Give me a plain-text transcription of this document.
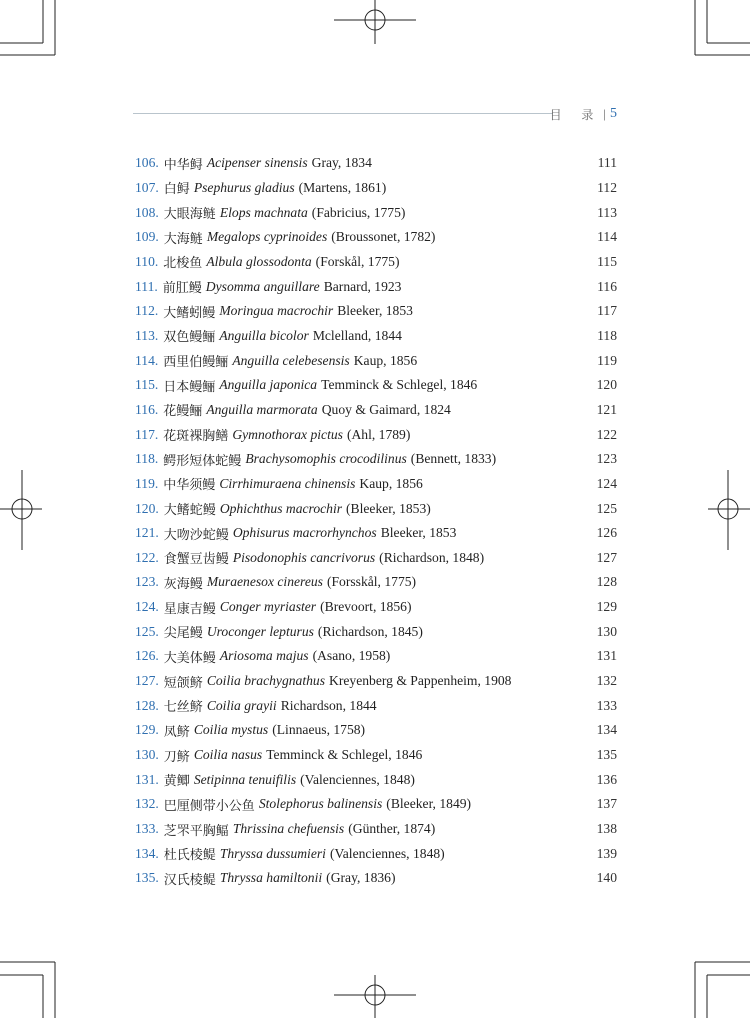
目 录 | 5
106. 中华鲟 Acipenser sinensis Gray, 1834	111
107. 白鲟 Psephurus gladius (Martens, 1861)	112
108. 大眼海鲢 Elops machnata (Fabricius, 1775)	113
109. 大海鲢 Megalops cyprinoides (Broussonet, 1782)	114
110. 北梭鱼 Albula glossodonta (Forskål, 1775)	115
111. 前肛鳗 Dysomma anguillare Barnard, 1923	116
112. 大鳍蚓鳗 Moringua macrochir Bleeker, 1853	117
113. 双色鳗鲡 Anguilla bicolor Mclelland, 1844	118
114. 西里伯鳗鲡 Anguilla celebesensis Kaup, 1856	119
115. 日本鳗鲡 Anguilla japonica Temminck & Schlegel, 1846	120
116. 花鳗鲡 Anguilla marmorata Quoy & Gaimard, 1824	121
117. 花斑裸胸鳝 Gymnothorax pictus (Ahl, 1789)	122
118. 鳄形短体蛇鳗 Brachysomophis crocodilinus (Bennett, 1833)	123
119. 中华须鳗 Cirrhimuraena chinensis Kaup, 1856	124
120. 大鳍蛇鳗 Ophichthus macrochir (Bleeker, 1853)	125
121. 大吻沙蛇鳗 Ophisurus macrorhynchos Bleeker, 1853	126
122. 食蟹豆齿鳗 Pisodonophis cancrivorus (Richardson, 1848)	127
123. 灰海鳗 Muraenesox cinereus (Forsskål, 1775)	128
124. 星康吉鳗 Conger myriaster (Brevoort, 1856)	129
125. 尖尾鳗 Uroconger lepturus (Richardson, 1845)	130
126. 大美体鳗 Ariosoma majus (Asano, 1958)	131
127. 短颌鲚 Coilia brachygnathus Kreyenberg & Pappenheim, 1908	132
128. 七丝鲚 Coilia grayii Richardson, 1844	133
129. 凤鲚 Coilia mystus (Linnaeus, 1758)	134
130. 刀鲚 Coilia nasus Temminck & Schlegel, 1846	135
131. 黄鲫 Setipinna tenuifilis (Valenciennes, 1848)	136
132. 巴厘侧带小公鱼 Stolephorus balinensis (Bleeker, 1849)	137
133. 芝罘平胸鲾 Thrissina chefuensis (Günther, 1874)	138
134. 杜氏棱鳀 Thryssa dussumieri (Valenciennes, 1848)	139
135. 汉氏棱鳀 Thryssa hamiltonii (Gray, 1836)	140
